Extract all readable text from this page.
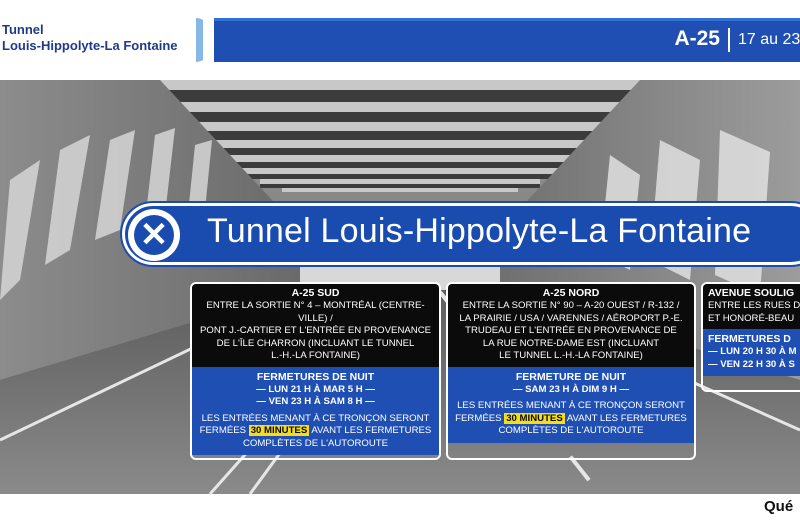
Tunnel
Louis-Hippolyte-La Fontaine	A-25 17 au 23
✕ Tunnel Louis-Hippolyte-La Fontaine
A-25 SUD
ENTRE LA SORTIE N° 4 – MONTRÉAL (CENTRE-VILLE) /
PONT J.-CARTIER ET L'ENTRÉE EN PROVENANCE
DE L'ÎLE CHARRON (INCLUANT LE TUNNEL
L.-H.-LA FONTAINE)
FERMETURES DE NUIT
— LUN 21 H À MAR 5 H —
— VEN 23 H À SAM 8 H —
LES ENTRÉES MENANT À CE TRONÇON SERONT
FERMÉES 30 MINUTES AVANT LES FERMETURES
COMPLÈTES DE L'AUTOROUTE
A-25 NORD
ENTRE LA SORTIE N° 90 – A-20 OUEST / R-132 /
LA PRAIRIE / USA / VARENNES / AÉROPORT P.-E.
TRUDEAU ET L'ENTRÉE EN PROVENANCE DE
LA RUE NOTRE-DAME EST (INCLUANT
LE TUNNEL L.-H.-LA FONTAINE)
FERMETURE DE NUIT
— SAM 23 H À DIM 9 H —
LES ENTRÉES MENANT À CE TRONÇON SERONT
FERMÉES 30 MINUTES AVANT LES FERMETURES
COMPLÈTES DE L'AUTOROUTE
AVENUE SOULIG
ENTRE LES RUES D
ET HONORÉ-BEAU
FERMETURES D
— LUN 20 H 30 À M
— VEN 22 H 30 À S
Qué
